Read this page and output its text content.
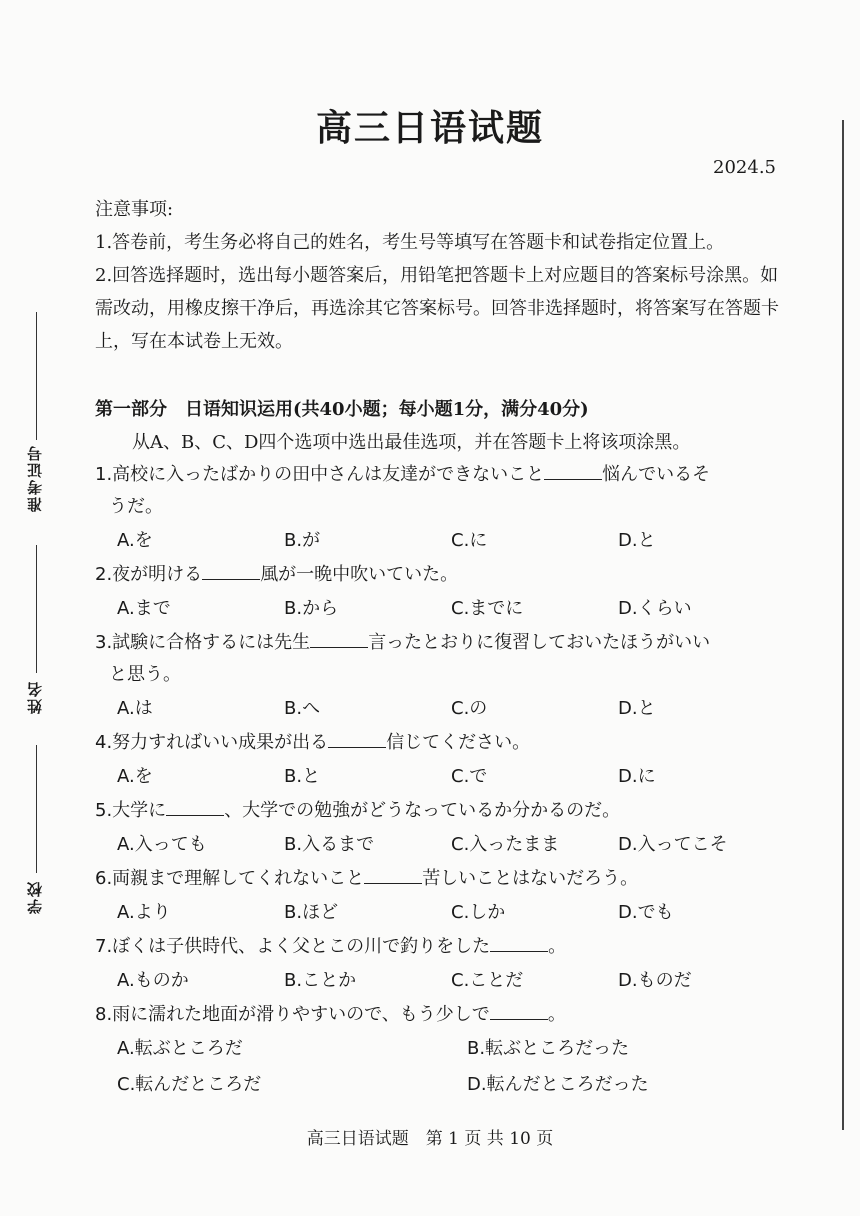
准考证号
姓名
学校
高三日语试题
2024.5

注意事项:

1.答卷前，考生务必将自己的姓名，考生号等填写在答题卡和试卷指定位置上。

2.回答选择题时，选出每小题答案后，用铅笔把答题卡上对应题目的答案标号涂黑。如需改动，用橡皮擦干净后，再选涂其它答案标号。回答非选择题时，将答案写在答题卡上，写在本试卷上无效。

第一部分　日语知识运用(共40小题；每小题1分，满分40分)
从A、B、C、D四个选项中选出最佳选项，并在答题卡上将该项涂黑。
1.高校に入ったばかりの田中さんは友達ができないこと	悩んでいるそ
うだ。
A.を	B.が	C.に	D.と
2.夜が明ける	風が一晩中吹いていた。
A.まで	B.から	C.までに	D.くらい
3.試験に合格するには先生	言ったとおりに復習しておいたほうがいい
と思う。
A.は	B.へ	C.の	D.と
4.努力すればいい成果が出る	信じてください。
A.を	B.と	C.で	D.に
5.大学に	、大学での勉強がどうなっているか分かるのだ。
A.入っても	B.入るまで	C.入ったまま	D.入ってこそ
6.両親まで理解してくれないこと	苦しいことはないだろう。
A.より	B.ほど	C.しか	D.でも
7.ぼくは子供時代、よく父とこの川で釣りをした	。
A.ものか	B.ことか	C.ことだ	D.ものだ
8.雨に濡れた地面が滑りやすいので、もう少しで	。
A.転ぶところだ	B.転ぶところだった
C.転んだところだ	D.転んだところだった
高三日语试题　第 1 页 共 10 页
